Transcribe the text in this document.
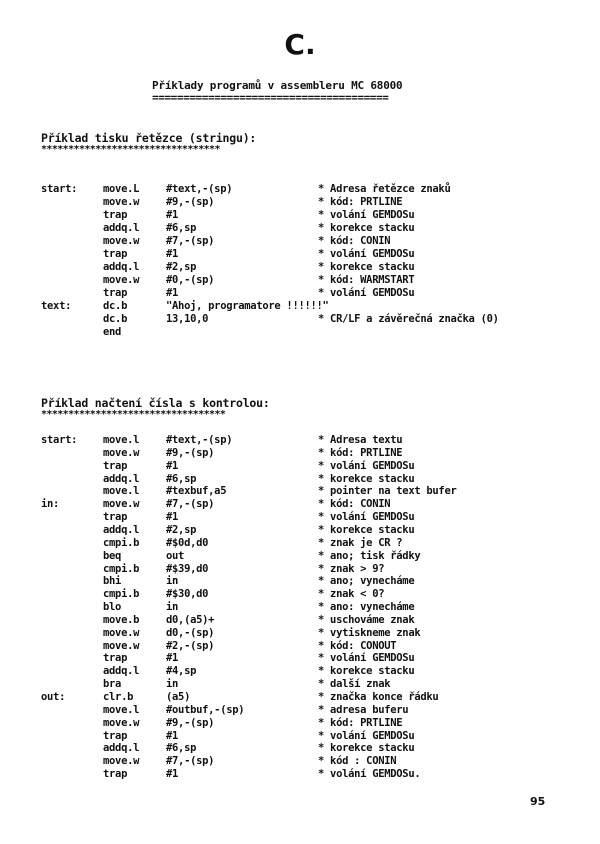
C.
Příklady programů v assembleru MC 68000
======================================
Příklad tisku řetězce (stringu):
*********************************
start: move.L	#text,-(sp)	* Adresa řetězce znaků
move.w	#9,-(sp)	* kód: PRTLINE
trap	#1	* volání GEMDOSu
addq.l	#6,sp	* korekce stacku
move.w	#7,-(sp)	* kód: CONIN
trap	#1	* volání GEMDOSu
addq.l	#2,sp	* korekce stacku
move.w	#0,-(sp)	* kód: WARMSTART
trap	#1	* volání GEMDOSu
text:	dc.b	"Ahoj, programatore !!!!!!"
dc.b	13,10,0	* CR/LF a závěrečná značka (0)
end
Příklad načtení čísla s kontrolou:
**********************************
start: move.l	#text,-(sp)	* Adresa textu
move.w	#9,-(sp)	* kód: PRTLINE
trap	#1	* volání GEMDOSu
addq.l	#6,sp	* korekce stacku
move.l	#texbuf,a5	* pointer na text bufer
in:	move.w	#7,-(sp)	* kód: CONIN
trap	#1	* volání GEMDOSu
addq.l	#2,sp	* korekce stacku
cmpi.b	#$0d,d0	* znak je CR ?
beq	out	* ano; tisk řádky
cmpi.b	#$39,d0	* znak > 9?
bhi	in	* ano; vynecháme
cmpi.b	#$30,d0	* znak < 0?
blo	in	* ano: vynecháme
move.b	d0,(a5)+	* uschováme znak
move.w	d0,-(sp)	* vytiskneme znak
move.w	#2,-(sp)	* kód: CONOUT
trap	#1	* volání GEMDOSu
addq.l	#4,sp	* korekce stacku
bra	in	* další znak
out:	clr.b	(a5)	* značka konce řádku
move.l	#outbuf,-(sp)	* adresa buferu
move.w	#9,-(sp)	* kód: PRTLINE
trap	#1	* volání GEMDOSu
addq.l	#6,sp	* korekce stacku
move.w	#7,-(sp)	* kód : CONIN
trap	#1	* volání GEMDOSu.
95
